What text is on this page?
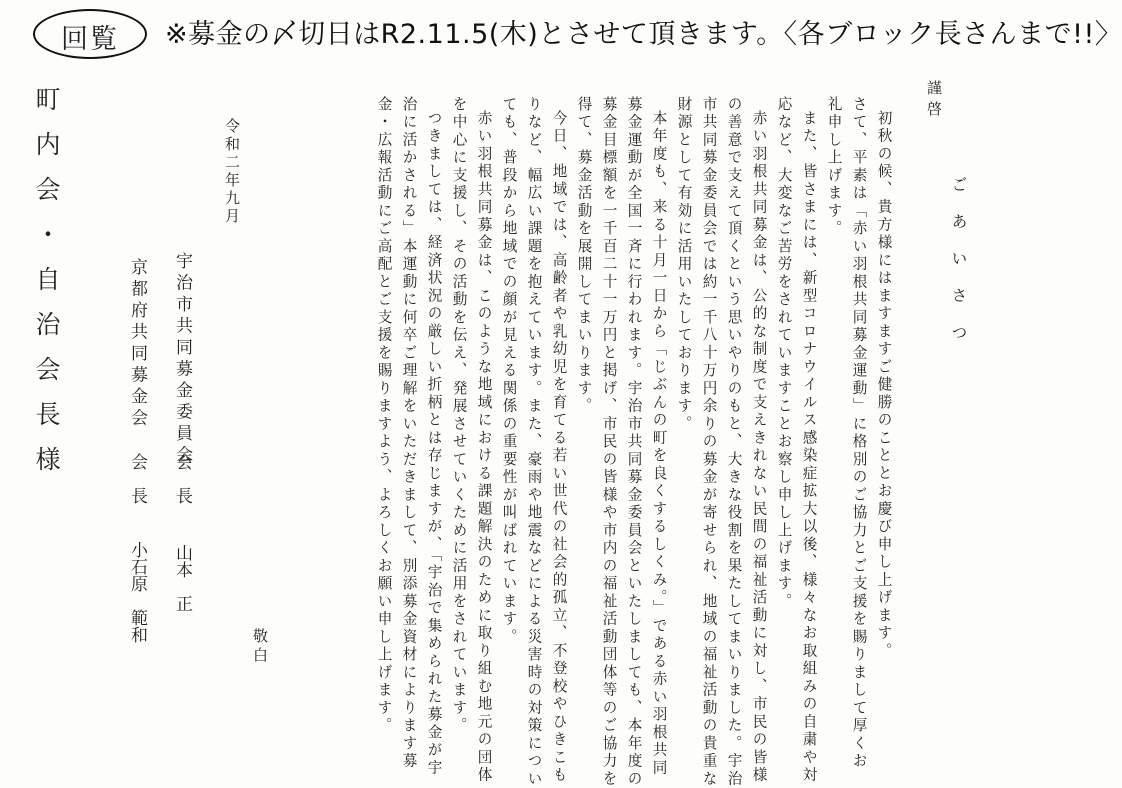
回覧	※募金の〆切日はR2.11.5(木)とさせて頂きます。〈各ブロック長さんまで!!〉
謹啓
ごあいさつ
初秋の候、貴方様にはますますご健勝のこととお慶び申し上げます。
さて、平素は「赤い羽根共同募金運動」に格別のご協力とご支援を賜りまして厚くお
礼申し上げます。
また、皆さまには、新型コロナウイルス感染症拡大以後、様々なお取組みの自粛や対
応など、大変なご苦労をされていますことお察し申し上げます。
赤い羽根共同募金は、公的な制度で支えきれない民間の福祉活動に対し、市民の皆様
の善意で支えて頂くという思いやりのもと、大きな役割を果たしてまいりました。宇治
市共同募金委員会では約一千八十万円余りの募金が寄せられ、地域の福祉活動の貴重な
財源として有効に活用いたしております。
本年度も、来る十月一日から「じぶんの町を良くするしくみ。」である赤い羽根共同
募金運動が全国一斉に行われます。宇治市共同募金委員会といたしましても、本年度の
募金目標額を一千百二十一万円と掲げ、市民の皆様や市内の福祉活動団体等のご協力を
得て、募金活動を展開してまいります。
今日、地域では、高齢者や乳幼児を育てる若い世代の社会的孤立、不登校やひきこも
りなど、幅広い課題を抱えています。また、豪雨や地震などによる災害時の対策につい
ても、普段から地域での顔が見える関係の重要性が叫ばれています。
赤い羽根共同募金は、このような地域における課題解決のために取り組む地元の団体
を中心に支援し、その活動を伝え、発展させていくために活用をされています。
つきましては、経済状況の厳しい折柄とは存じますが、「宇治で集められた募金が宇
治に活かされる」本運動に何卒ご理解をいただきまして、別添募金資材によります募
金・広報活動にご高配とご支援を賜りますよう、よろしくお願い申し上げます。
敬白
令和二年九月
宇治市共同募金委員会
会　長
山本　正
京都府共同募金会
会　長
小石原　範和
町内会・自治会長様
